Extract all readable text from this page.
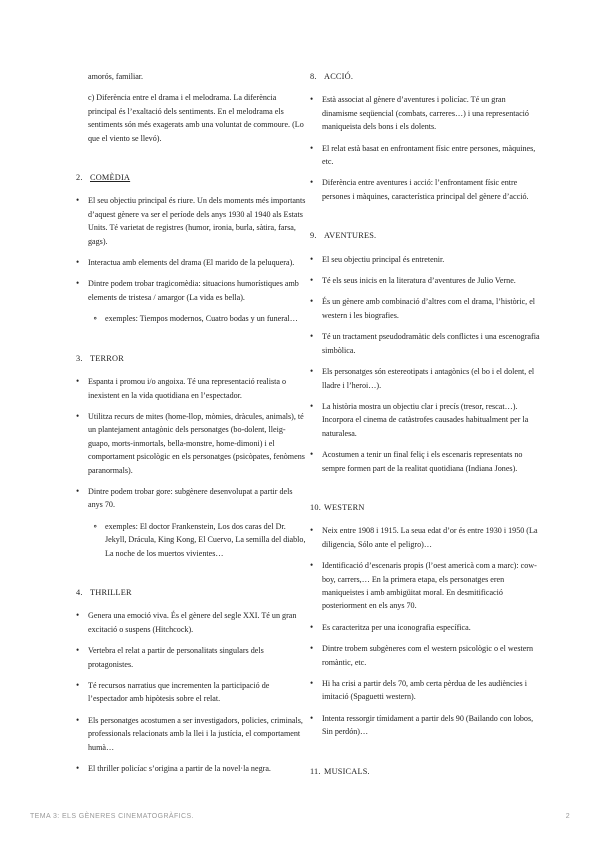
amorós, familiar.

c) Diferència entre el drama i el melodrama. La diferència principal és l’exaltació dels sentiments. En el melodrama els sentiments són més exagerats amb una voluntat de commoure. (Lo que el viento se llevó).

2. COMÈDIA
• El seu objectiu principal és riure. Un dels moments més importants d’aquest gènere va ser el període dels anys 1930 al 1940 als Estats Units. Té varietat de registres (humor, ironia, burla, sàtira, farsa, gags).
• Interactua amb elements del drama (El marido de la peluquera).
• Dintre podem trobar tragicomèdia: situacions humorístiques amb elements de tristesa / amargor (La vida es bella).
∘ exemples: Tiempos modernos, Cuatro bodas y un funeral…
3. TERROR
• Espanta i promou i/o angoixa. Té una representació realista o inexistent en la vida quotidiana en l’espectador.
• Utilitza recurs de mites (home-llop, mòmies, dràcules, animals), té un plantejament antagònic dels personatges (bo-dolent, lleig-guapo, morts-inmortals, bella-monstre, home-dimoni) i el comportament psicològic en els personatges (psicòpates, fenòmens paranormals).
• Dintre podem trobar gore: subgènere desenvolupat a partir dels anys 70.
∘ exemples: El doctor Frankenstein, Los dos caras del Dr. Jekyll, Drácula, King Kong, El Cuervo, La semilla del diablo, La noche de los muertos vivientes…
4. THRILLER
• Genera una emoció viva. És el gènere del segle XXI. Té un gran excitació o suspens (Hitchcock).
• Vertebra el relat a partir de personalitats singulars dels protagonistes.
• Té recursos narratius que incrementen la participació de l’espectador amb hipòtesis sobre el relat.
• Els personatges acostumen a ser investigadors, policies, criminals, professionals relacionats amb la llei i la justícia, el comportament humà…
• El thriller policíac s’origina a partir de la novel·la negra.
8. ACCIÓ.
• Està associat al gènere d’aventures i policíac. Té un gran dinamisme seqüencial (combats, carreres…) i una representació maniqueista dels bons i els dolents.
• El relat està basat en enfrontament físic entre persones, màquines, etc.
• Diferència entre aventures i acció: l’enfrontament físic entre persones i màquines, característica principal del gènere d’acció.
9. AVENTURES.
• El seu objectiu principal és entretenir.
• Té els seus inicis en la literatura d’aventures de Julio Verne.
• És un gènere amb combinació d’altres com el drama, l’històric, el western i les biografies.
• Té un tractament pseudodramàtic dels conflictes i una escenografia simbòlica.
• Els personatges són estereotipats i antagònics (el bo i el dolent, el lladre i l’heroi…).
• La història mostra un objectiu clar i precís (tresor, rescat…). Incorpora el cinema de catàstrofes causades habitualment per la naturalesa.
• Acostumen a tenir un final feliç i els escenaris representats no sempre formen part de la realitat quotidiana (Indiana Jones).
10. WESTERN
• Neix entre 1908 i 1915. La seua edat d’or és entre 1930 i 1950 (La diligencia, Sólo ante el peligro)…
• Identificació d’escenaris propis (l’oest americà com a marc): cow-boy, carrers,… En la primera etapa, els personatges eren maniqueistes i amb ambigüitat moral. En desmitificació posteriorment en els anys 70.
• Es caracteritza per una iconografia específica.
• Dintre trobem subgèneres com el western psicològic o el western romàntic, etc.
• Hi ha crisi a partir dels 70, amb certa pèrdua de les audiències i imitació (Spaguetti western).
• Intenta ressorgir tímidament a partir dels 90 (Bailando con lobos, Sin perdón)…
11. MUSICALS.
TEMA 3: ELS GÈNERES CINEMATOGRÀFICS.	2
